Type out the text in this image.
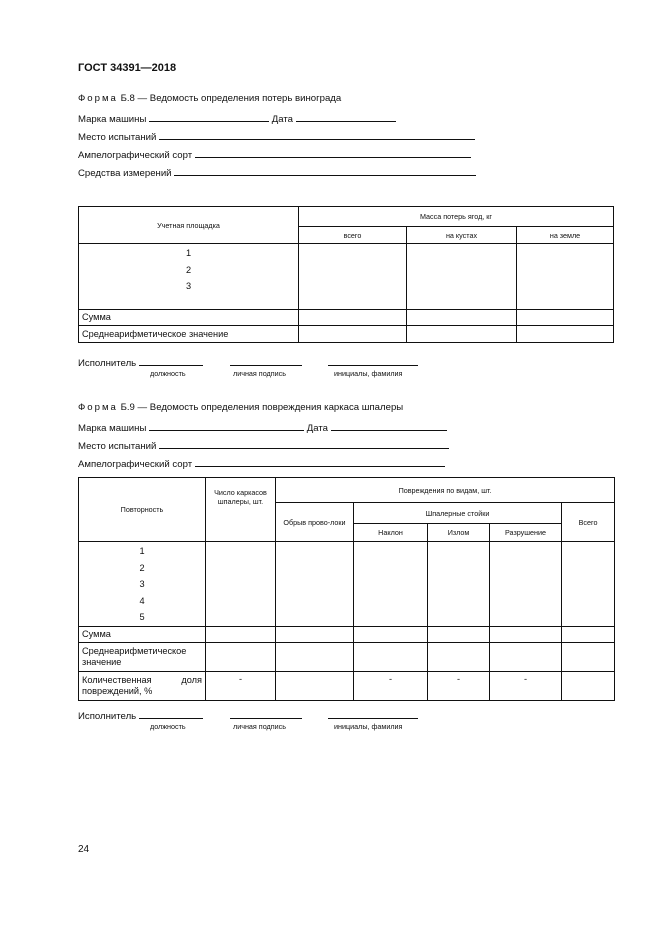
ГОСТ 34391—2018
Форма Б.8 — Ведомость определения потерь винограда
Марка машины	Дата
Место испытаний
Ампелографический сорт
Средства измерений
Учетная площадка	Масса потерь ягод, кг		
	всего	на кустах	на земле

1
2
3			

Сумма			
Среднеарифметическое значение			
Исполнитель
должность	личная подпись	инициалы, фамилия
Форма Б.9 — Ведомость определения повреждения каркаса шпалеры
Марка машины	Дата
Место испытаний
Ампелографический сорт
Повторность	Число каркасов шпалеры, шт.	Повреждения по видам, шт.				
		Обрыв прово-локи	Шпалерные стойки			Всего
			Наклон	Излом	Разрушение	

1
2
3
4
5						

Сумма						
Среднеарифметическое значение						
Количественная доля повреждений, %	-		-	-	-	
Исполнитель
должность	личная подпись	инициалы, фамилия
24
